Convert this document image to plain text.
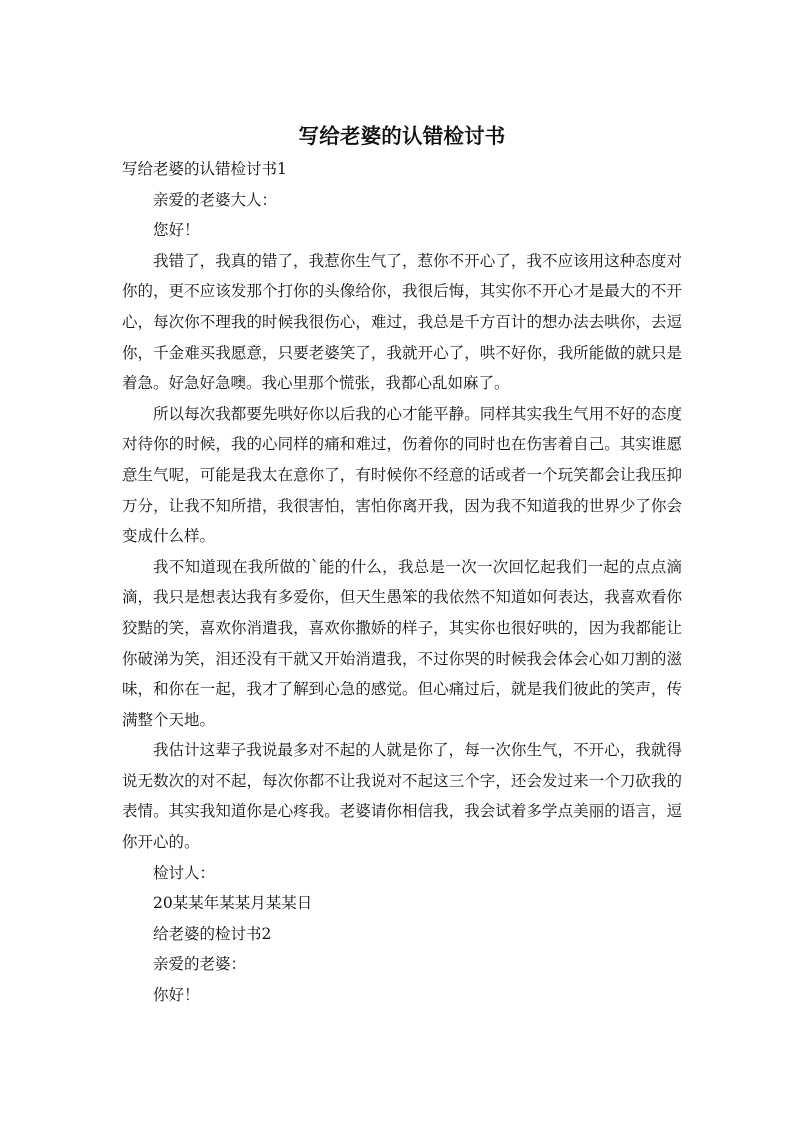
写给老婆的认错检讨书

写给老婆的认错检讨书1

亲爱的老婆大人：

您好！

我错了，我真的错了，我惹你生气了，惹你不开心了，我不应该用这种态度对你的，更不应该发那个打你的头像给你，我很后悔，其实你不开心才是最大的不开心，每次你不理我的时候我很伤心，难过，我总是千方百计的想办法去哄你，去逗你，千金难买我愿意，只要老婆笑了，我就开心了，哄不好你，我所能做的就只是着急。好急好急噢。我心里那个慌张，我都心乱如麻了。

所以每次我都要先哄好你以后我的心才能平静。同样其实我生气用不好的态度对待你的时候，我的心同样的痛和难过，伤着你的同时也在伤害着自己。其实谁愿意生气呢，可能是我太在意你了，有时候你不经意的话或者一个玩笑都会让我压抑万分，让我不知所措，我很害怕，害怕你离开我，因为我不知道我的世界少了你会变成什么样。

我不知道现在我所做的`能的什么，我总是一次一次回忆起我们一起的点点滴滴，我只是想表达我有多爱你，但天生愚笨的我依然不知道如何表达，我喜欢看你狡黠的笑，喜欢你消遣我，喜欢你撒娇的样子，其实你也很好哄的，因为我都能让你破涕为笑，泪还没有干就又开始消遣我，不过你哭的时候我会体会心如刀割的滋味，和你在一起，我才了解到心急的感觉。但心痛过后，就是我们彼此的笑声，传满整个天地。

我估计这辈子我说最多对不起的人就是你了，每一次你生气，不开心，我就得说无数次的对不起，每次你都不让我说对不起这三个字，还会发过来一个刀砍我的表情。其实我知道你是心疼我。老婆请你相信我，我会试着多学点美丽的语言，逗你开心的。

检讨人：

20某某年某某月某某日

给老婆的检讨书2

亲爱的老婆：

你好！
